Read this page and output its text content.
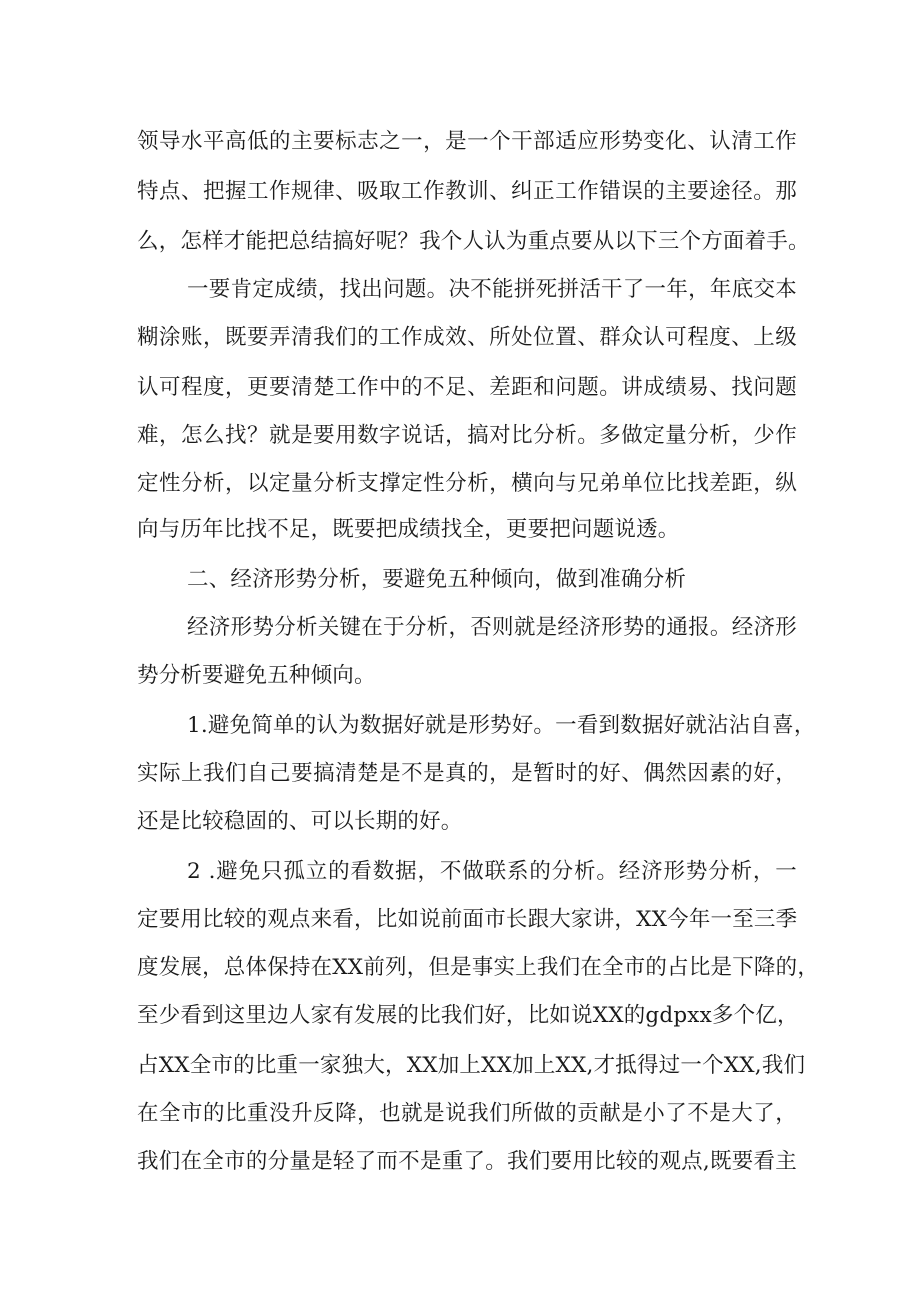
领导水平高低的主要标志之一，是一个干部适应形势变化、认清工作
特点、把握工作规律、吸取工作教训、纠正工作错误的主要途径。那
么，怎样才能把总结搞好呢？我个人认为重点要从以下三个方面着手。
一要肯定成绩，找出问题。决不能拼死拼活干了一年，年底交本
糊涂账，既要弄清我们的工作成效、所处位置、群众认可程度、上级
认可程度，更要清楚工作中的不足、差距和问题。讲成绩易、找问题
难，怎么找？就是要用数字说话，搞对比分析。多做定量分析，少作
定性分析，以定量分析支撑定性分析，横向与兄弟单位比找差距，纵
向与历年比找不足，既要把成绩找全，更要把问题说透。
二、经济形势分析，要避免五种倾向，做到准确分析
经济形势分析关键在于分析，否则就是经济形势的通报。经济形
势分析要避免五种倾向。
1.避免简单的认为数据好就是形势好。一看到数据好就沾沾自喜，
实际上我们自己要搞清楚是不是真的，是暂时的好、偶然因素的好，
还是比较稳固的、可以长期的好。
2 .避免只孤立的看数据，不做联系的分析。经济形势分析，一
定要用比较的观点来看，比如说前面市长跟大家讲，XX今年一至三季
度发展，总体保持在XX前列，但是事实上我们在全市的占比是下降的，
至少看到这里边人家有发展的比我们好，比如说XX的gdpxx多个亿，
占XX全市的比重一家独大，XX加上XX加上XX,才抵得过一个XX,我们
在全市的比重没升反降，也就是说我们所做的贡献是小了不是大了，
我们在全市的分量是轻了而不是重了。我们要用比较的观点,既要看主
